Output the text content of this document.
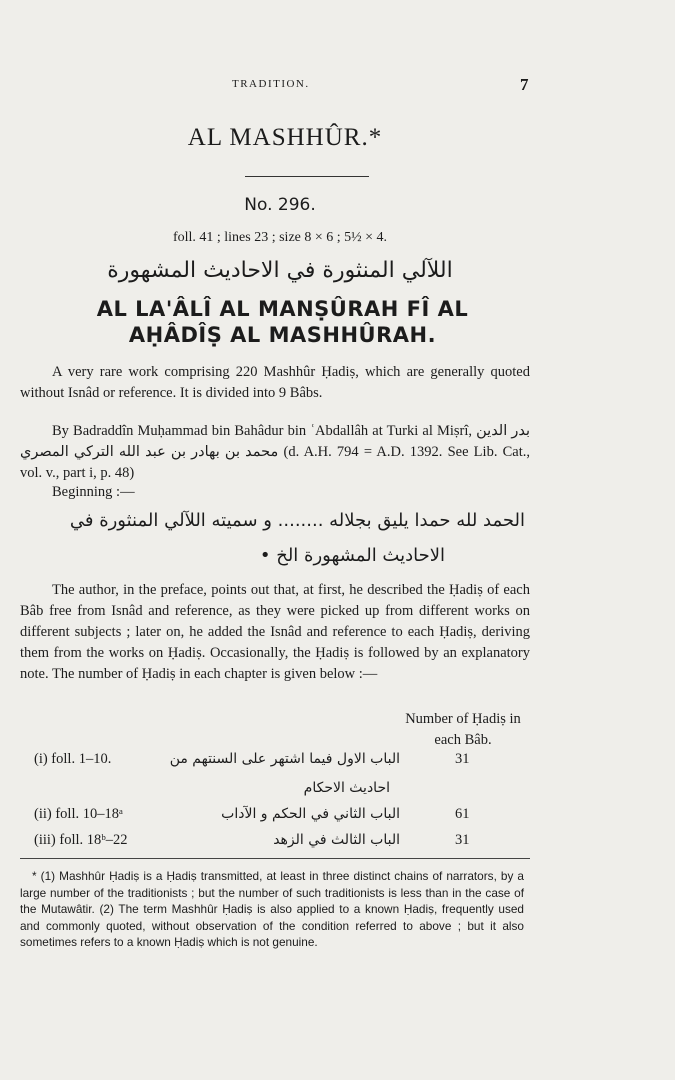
TRADITION.	7
AL MASHHÛR.*
No. 296.
foll. 41 ; lines 23 ; size 8 × 6 ; 5½ × 4.
اللآلي المنثورة في الاحاديث المشهورة
AL LA'ÂLÎ AL MANṢÛRAH FÎ AL
AḤÂDÎṢ AL MASHHÛRAH.
A very rare work comprising 220 Mashhûr Ḥadiṣ, which are generally quoted without Isnâd or reference. It is divided into 9 Bâbs.
By Badraddîn Muḥammad bin Bahâdur bin ʿAbdallâh at Turki al Miṣrî, بدر الدين محمد بن بهادر بن عبد الله التركي المصري (d. A.H. 794 = A.D. 1392. See Lib. Cat., vol. v., part i, p. 48)
Beginning :—
الحمد لله حمدا يليق بجلاله ........ و سميته اللآلي المنثورة في
الاحاديث المشهورة الخ •
The author, in the preface, points out that, at first, he described the Ḥadiṣ of each Bâb free from Isnâd and reference, as they were picked up from different works on different subjects ; later on, he added the Isnâd and reference to each Ḥadiṣ, deriving them from the works on Ḥadiṣ. Occasionally, the Ḥadiṣ is followed by an explanatory note. The number of Ḥadiṣ in each chapter is given below :—
Number of Ḥadiṣ in each Bâb.
(i) foll. 1–10.	الباب الاول فيما اشتهر على السنتهم من	31
احاديث الاحكام
(ii) foll. 10–18ᵃ	الباب الثاني في الحكم و الآداب	61
(iii) foll. 18ᵇ–22	الباب الثالث في الزهد	31
* (1) Mashhûr Ḥadiṣ is a Ḥadiṣ transmitted, at least in three distinct chains of narrators, by a large number of the traditionists ; but the number of such traditionists is less than in the case of the Mutawâtir. (2) The term Mashhûr Ḥadiṣ is also applied to a known Ḥadiṣ, frequently used and commonly quoted, without observation of the condition referred to above ; but it also sometimes refers to a known Ḥadiṣ which is not genuine.
